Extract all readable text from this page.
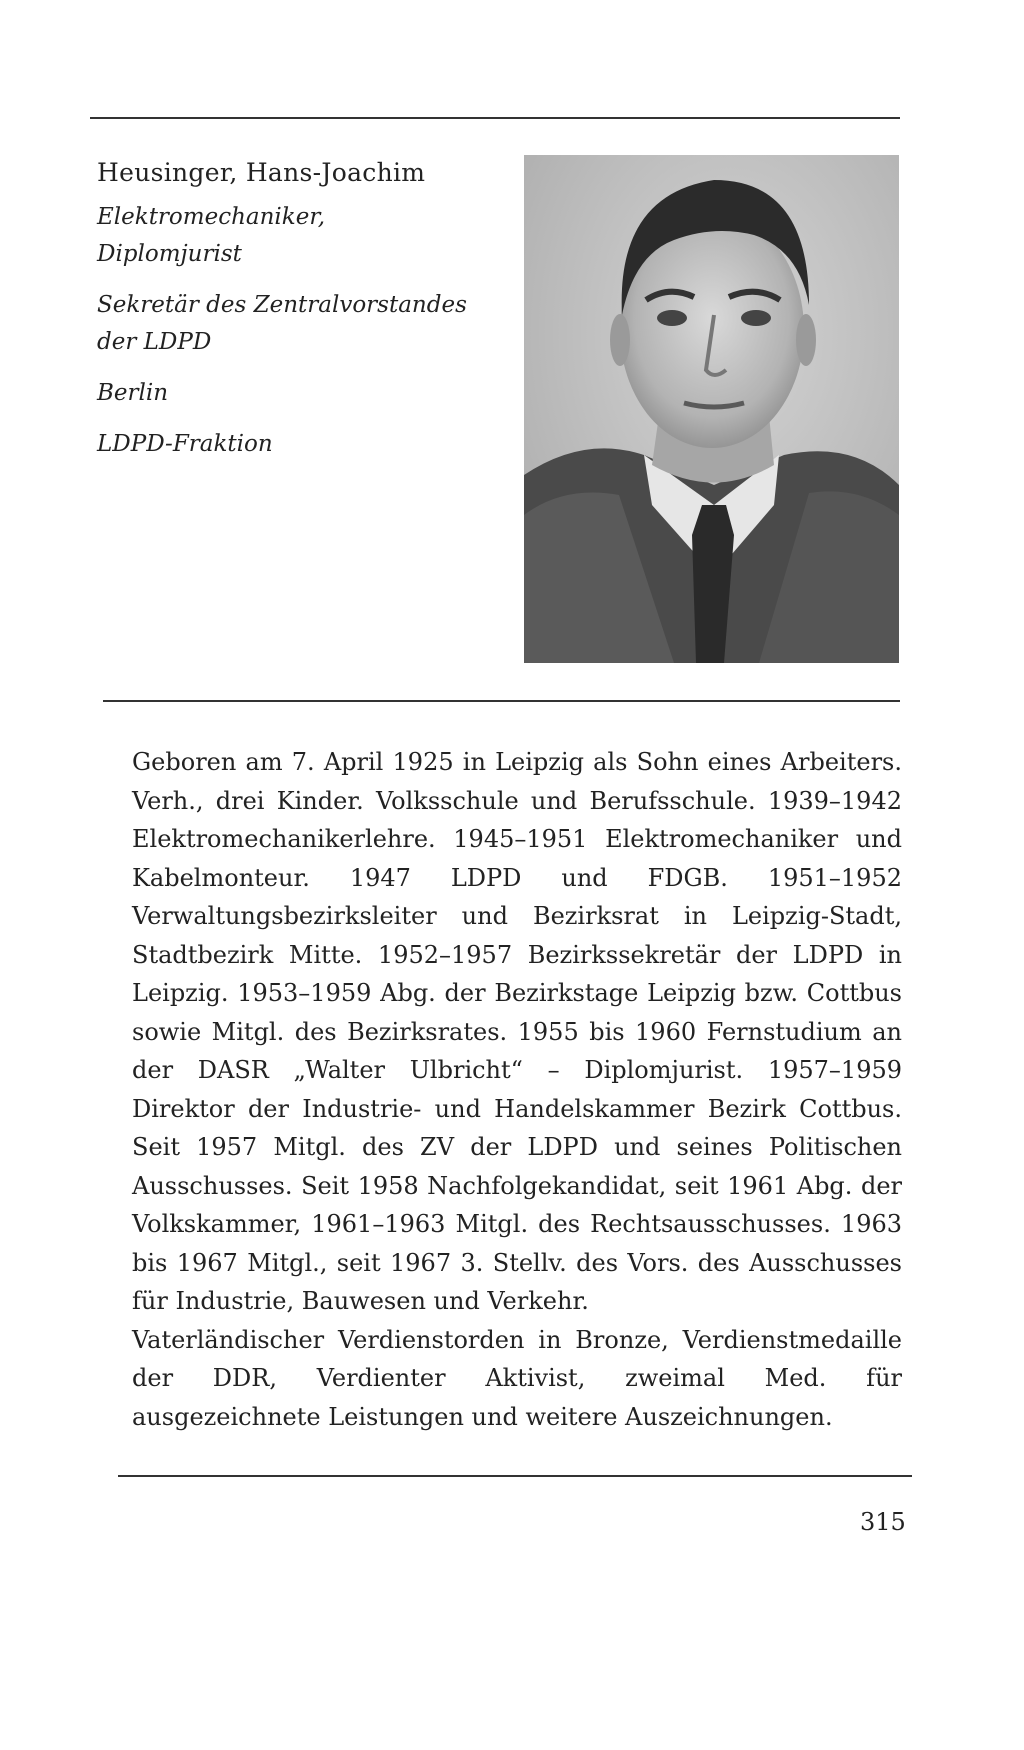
Heusinger, Hans-Joachim

Elektromechaniker,

Diplomjurist

Sekretär des Zentralvorstandes

der LDPD

Berlin

LDPD-Fraktion

Geboren am 7. April 1925 in Leipzig als Sohn eines Arbeiters. Verh., drei Kinder. Volksschule und Berufsschule. 1939–1942 Elektromechanikerlehre. 1945–1951 Elektromechaniker und Kabelmonteur. 1947 LDPD und FDGB. 1951–1952 Verwaltungsbezirksleiter und Bezirksrat in Leipzig-Stadt, Stadtbezirk Mitte. 1952–1957 Bezirkssekretär der LDPD in Leipzig. 1953–1959 Abg. der Bezirkstage Leipzig bzw. Cottbus sowie Mitgl. des Bezirksrates. 1955 bis 1960 Fernstudium an der DASR „Walter Ulbricht“ – Diplomjurist. 1957–1959 Direktor der Industrie- und Handelskammer Bezirk Cottbus. Seit 1957 Mitgl. des ZV der LDPD und seines Politischen Ausschusses. Seit 1958 Nachfolgekandidat, seit 1961 Abg. der Volkskammer, 1961–1963 Mitgl. des Rechtsausschusses. 1963 bis 1967 Mitgl., seit 1967 3. Stellv. des Vors. des Ausschusses für Industrie, Bauwesen und Verkehr.

Vaterländischer Verdienstorden in Bronze, Verdienstmedaille der DDR, Verdienter Aktivist, zweimal Med. für ausgezeichnete Leistungen und weitere Auszeichnungen.

315
